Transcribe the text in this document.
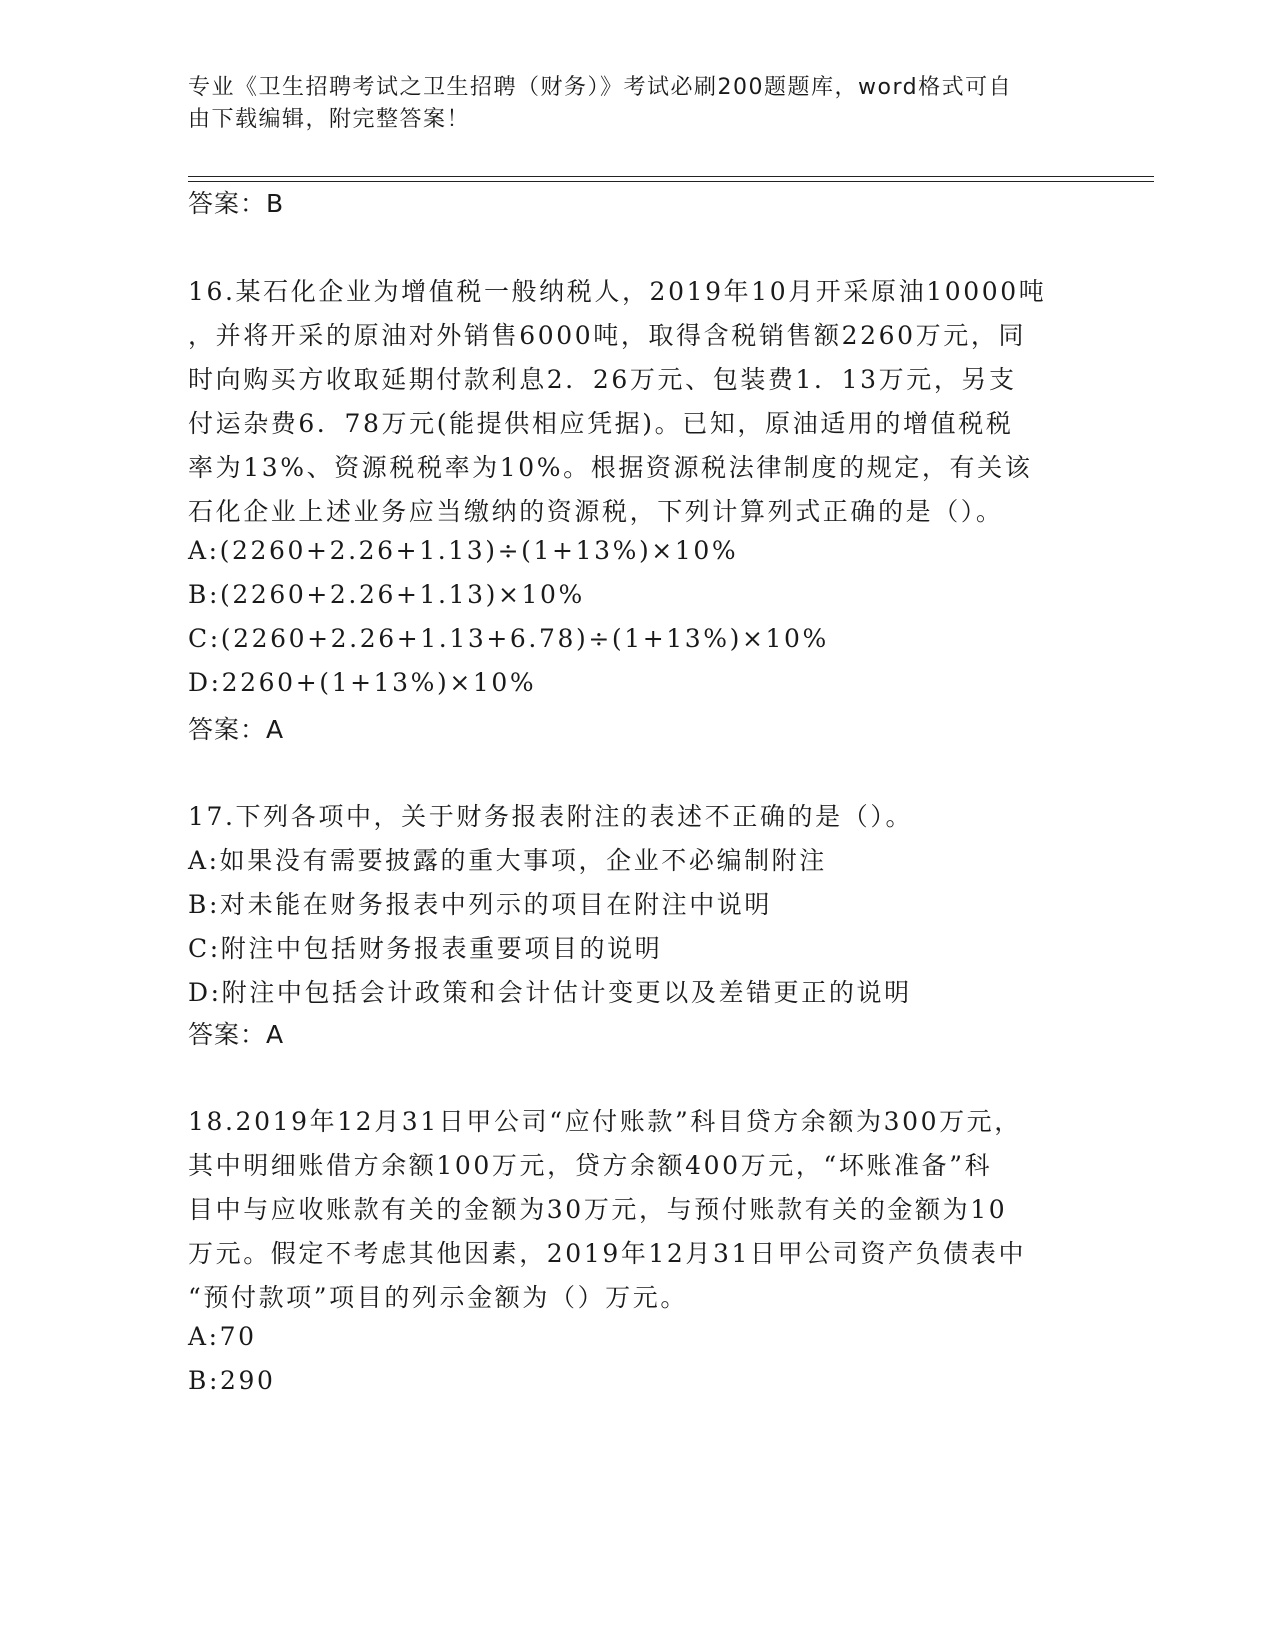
专业《卫生招聘考试之卫生招聘（财务）》考试必刷200题题库，word格式可自
由下载编辑，附完整答案！
答案：B
16.某石化企业为增值税一般纳税人，2019年10月开采原油10000吨
，并将开采的原油对外销售6000吨，取得含税销售额2260万元，同
时向购买方收取延期付款利息2．26万元、包装费1．13万元，另支
付运杂费6．78万元(能提供相应凭据)。已知，原油适用的增值税税
率为13%、资源税税率为10%。根据资源税法律制度的规定，有关该
石化企业上述业务应当缴纳的资源税，下列计算列式正确的是（）。
A:(2260+2.26+1.13)÷(1+13%)×10%
B:(2260+2.26+1.13)×10%
C:(2260+2.26+1.13+6.78)÷(1+13%)×10%
D:2260+(1+13%)×10%
答案：A
17.下列各项中，关于财务报表附注的表述不正确的是（）。
A:如果没有需要披露的重大事项，企业不必编制附注
B:对未能在财务报表中列示的项目在附注中说明
C:附注中包括财务报表重要项目的说明
D:附注中包括会计政策和会计估计变更以及差错更正的说明
答案：A
18.2019年12月31日甲公司“应付账款”科目贷方余额为300万元，
其中明细账借方余额100万元，贷方余额400万元，“坏账准备”科
目中与应收账款有关的金额为30万元，与预付账款有关的金额为10
万元。假定不考虑其他因素，2019年12月31日甲公司资产负债表中
“预付款项”项目的列示金额为（）万元。
A:70
B:290
